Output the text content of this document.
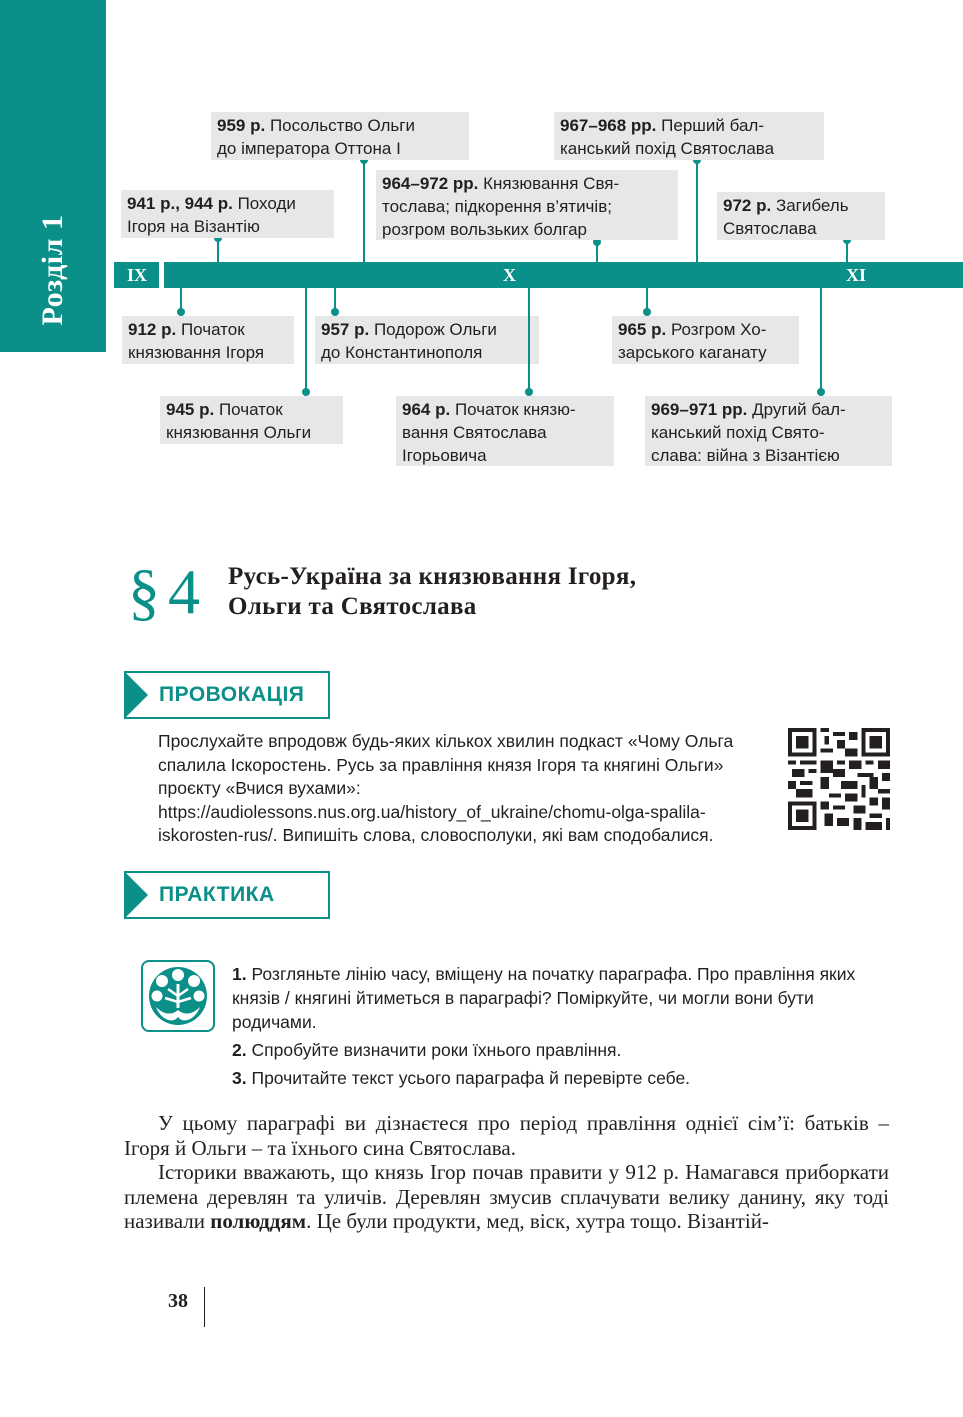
Розділ 1	IX	X	XI
959 р. Посольство Ольги
до імператора Оттона І
967–968 рр. Перший бал-
канський похід Святослава
964–972 рр. Князювання Свя-
тослава; підкорення в’ятичів;
розгром вользьких болгар
941 р., 944 р. Походи
Ігоря на Візантію
972 р. Загибель
Святослава
912 р. Початок
князювання Ігоря
957 р. Подорож Ольги
до Константинополя
965 р. Розгром Хо-
зарського каганату
945 р. Початок
князювання Ольги
964 р. Початок князю-
вання Святослава
Ігорьовича
969–971 рр. Другий бал-
канський похід Свято-
слава: війна з Візантією
§ 4 Русь-Україна за князювання Ігоря,
Ольги та Святослава
ПРОВОКАЦІЯ
Прослухайте впродовж будь-яких кількох хвилин подкаст «Чому Ольга спалила Іскоростень. Русь за правління князя Ігоря та княгині Ольги» проєкту «Вчися вухами»: https://audiolessons.nus.org.ua/history_of_ukraine/chomu-olga-spalila-iskorosten-rus/. Випишіть слова, словосполуки, які вам сподобалися.
ПРАКТИКА
1. Розгляньте лінію часу, вміщену на початку параграфа. Про правління яких князів / княгині йтиметься в параграфі? Поміркуйте, чи могли вони бути родичами.
2. Спробуйте визначити роки їхнього правління.
3. Прочитайте текст усього параграфа й перевірте себе.

У цьому параграфі ви дізнаєтеся про період правління однієї сім’ї: батьків – Ігоря й Ольги – та їхнього сина Святослава.

Історики вважають, що князь Ігор почав правити у 912 р. Намагався приборкати племена деревлян та уличів. Деревлян змусив сплачувати велику данину, яку тоді називали полюддям. Це були продукти, мед, віск, хутра тощо. Візантій-

38
